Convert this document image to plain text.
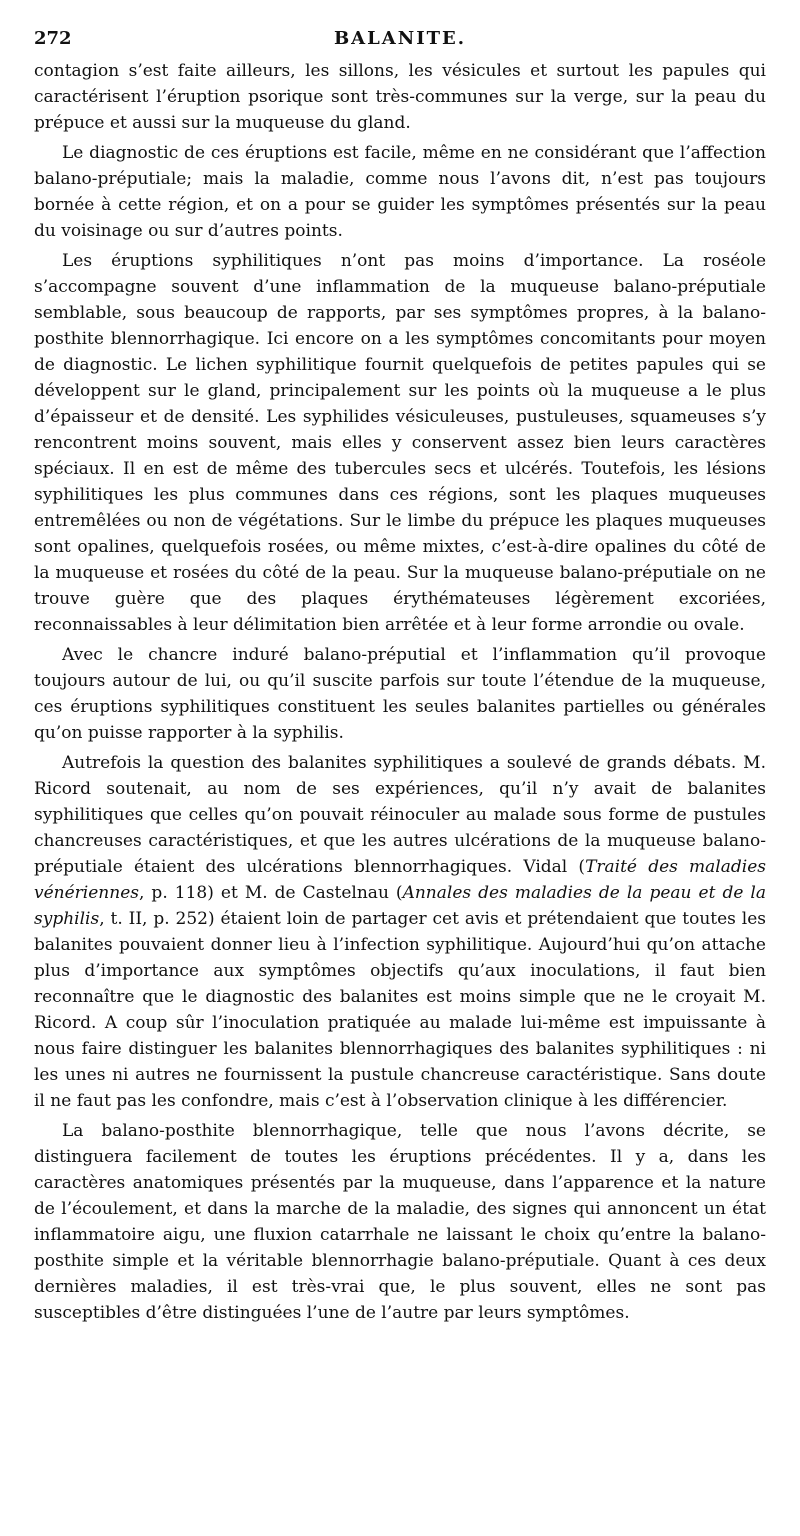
272	BALANITE.

contagion s’est faite ailleurs, les sillons, les vésicules et surtout les papules qui caractérisent l’éruption psorique sont très-communes sur la verge, sur la peau du prépuce et aussi sur la muqueuse du gland.

Le diagnostic de ces éruptions est facile, même en ne considérant que l’affection balano-préputiale; mais la maladie, comme nous l’avons dit, n’est pas toujours bornée à cette région, et on a pour se guider les symptômes présentés sur la peau du voisinage ou sur d’autres points.

Les éruptions syphilitiques n’ont pas moins d’importance. La roséole s’accompagne souvent d’une inflammation de la muqueuse balano-préputiale semblable, sous beaucoup de rapports, par ses symptômes propres, à la balano-posthite blennorrhagique. Ici encore on a les symptômes concomitants pour moyen de diagnostic. Le lichen syphilitique fournit quelquefois de petites papules qui se développent sur le gland, principalement sur les points où la muqueuse a le plus d’épaisseur et de densité. Les syphilides vésiculeuses, pustuleuses, squameuses s’y rencontrent moins souvent, mais elles y conservent assez bien leurs caractères spéciaux. Il en est de même des tubercules secs et ulcérés. Toutefois, les lésions syphilitiques les plus communes dans ces régions, sont les plaques muqueuses entremêlées ou non de végétations. Sur le limbe du prépuce les plaques muqueuses sont opalines, quelquefois rosées, ou même mixtes, c’est-à-dire opalines du côté de la muqueuse et rosées du côté de la peau. Sur la muqueuse balano-préputiale on ne trouve guère que des plaques érythémateuses légèrement excoriées, reconnaissables à leur délimitation bien arrêtée et à leur forme arrondie ou ovale.

Avec le chancre induré balano-préputial et l’inflammation qu’il provoque toujours autour de lui, ou qu’il suscite parfois sur toute l’étendue de la muqueuse, ces éruptions syphilitiques constituent les seules balanites partielles ou générales qu’on puisse rapporter à la syphilis.

Autrefois la question des balanites syphilitiques a soulevé de grands débats. M. Ricord soutenait, au nom de ses expériences, qu’il n’y avait de balanites syphilitiques que celles qu’on pouvait réinoculer au malade sous forme de pustules chancreuses caractéristiques, et que les autres ulcérations de la muqueuse balano-préputiale étaient des ulcérations blennorrhagiques. Vidal (Traité des maladies vénériennes, p. 118) et M. de Castelnau (Annales des maladies de la peau et de la syphilis, t. II, p. 252) étaient loin de partager cet avis et prétendaient que toutes les balanites pouvaient donner lieu à l’infection syphilitique. Aujourd’hui qu’on attache plus d’importance aux symptômes objectifs qu’aux inoculations, il faut bien reconnaître que le diagnostic des balanites est moins simple que ne le croyait M. Ricord. A coup sûr l’inoculation pratiquée au malade lui-même est impuissante à nous faire distinguer les balanites blennorrhagiques des balanites syphilitiques : ni les unes ni autres ne fournissent la pustule chancreuse caractéristique. Sans doute il ne faut pas les confondre, mais c’est à l’observation clinique à les différencier.

La balano-posthite blennorrhagique, telle que nous l’avons décrite, se distinguera facilement de toutes les éruptions précédentes. Il y a, dans les caractères anatomiques présentés par la muqueuse, dans l’apparence et la nature de l’écoulement, et dans la marche de la maladie, des signes qui annoncent un état inflammatoire aigu, une fluxion catarrhale ne laissant le choix qu’entre la balano-posthite simple et la véritable blennorrhagie balano-préputiale. Quant à ces deux dernières maladies, il est très-vrai que, le plus souvent, elles ne sont pas susceptibles d’être distinguées l’une de l’autre par leurs symptômes.
